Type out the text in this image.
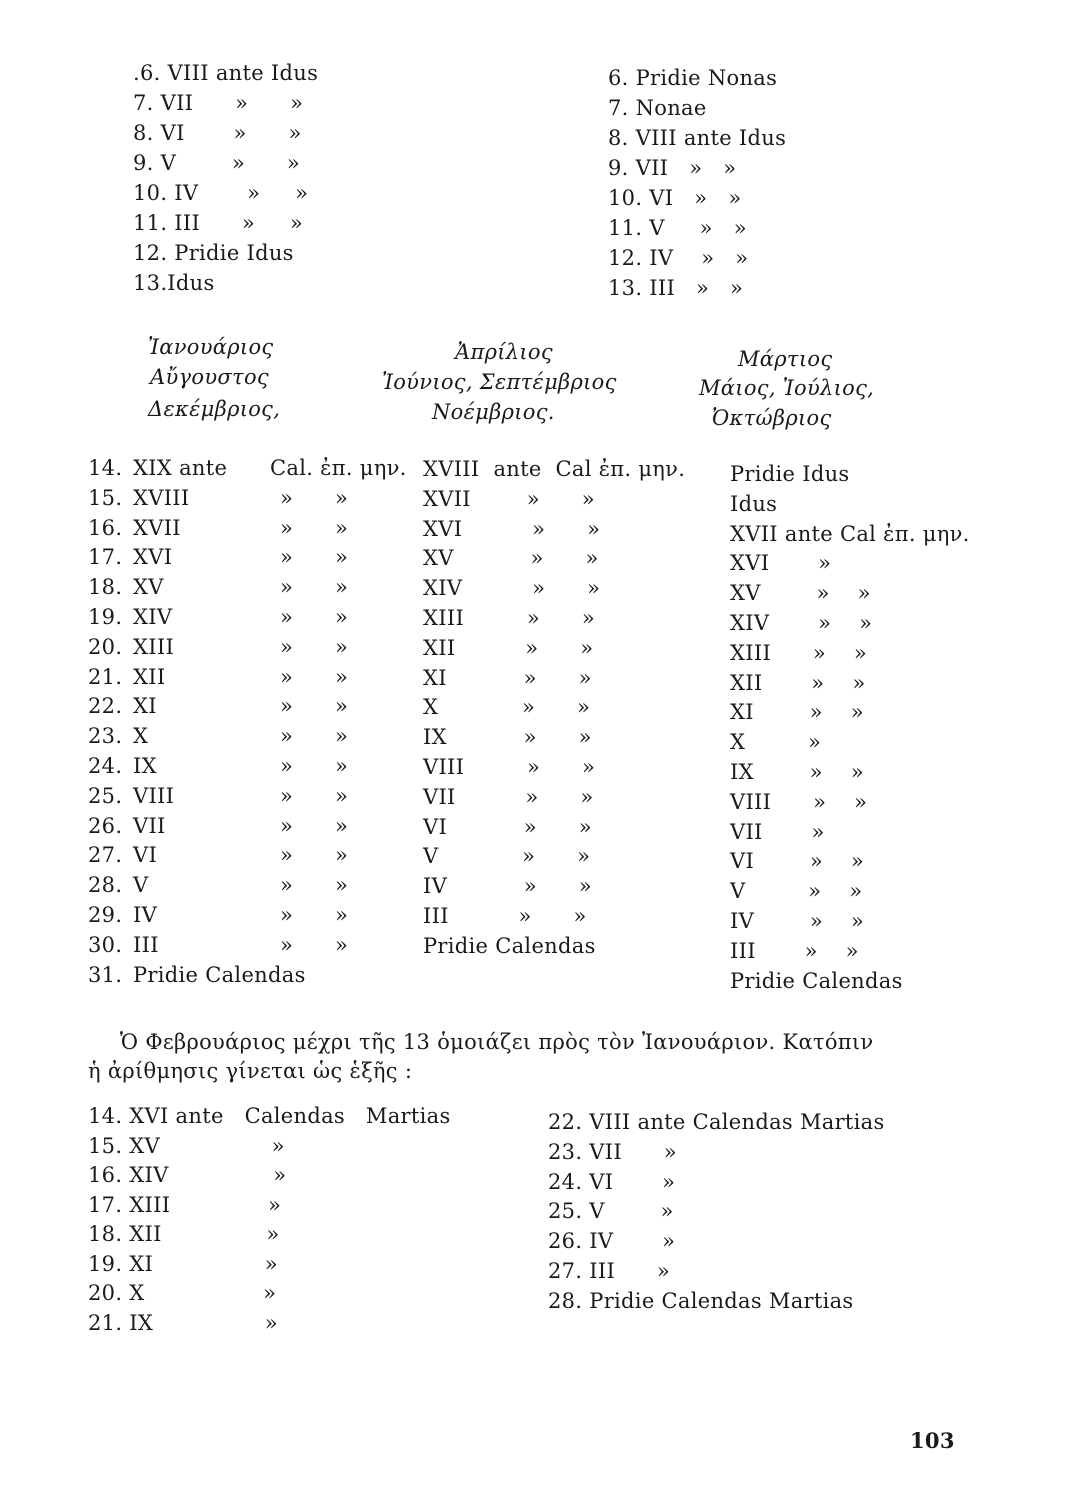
.6. VIII ante Idus
7. VII      »      »
8. VI       »      »
9. V        »      »
10. IV       »     »
11. III      »     »
12. Pridie Idus
13.Idus
6. Pridie Nonas
7. Nonae
8. VIII ante Idus
9. VII   »   »
10. VI   »   »
11. V     »   »
12. IV    »   »
13. III   »   »
Ἰανουάριος
Αὔγουστος
Δεκέμβριος,
Ἀπρίλιος
Ἰούνιος, Σεπτέμβριος
Νοέμβριος.
Μάρτιος
Μάιος, Ἰούλιος,
Ὀκτώβριος
14.
15.
16.
17.
18.
19.
20.
21.
22.
23.
24.
25.
26.
27.
28.
29.
30.
31.
XIX ante
XVIII
XVII
XVI
XV
XIV
XIII
XII
XI
X
IX
VIII
VII
VI
V
IV
III
Pridie Calendas
Cal. ἐπ. μην.
»      »
»      »
»      »
»      »
»      »
»      »
»      »
»      »
»      »
»      »
»      »
»      »
»      »
»      »
»      »
»      »
XVIII  ante  Cal ἐπ. μην.
XVII        »      »
XVI          »      »
XV           »      »
XIV          »      »
XIII         »      »
XII          »      »
XI           »      »
X            »      »
IX           »      »
VIII         »      »
VII          »      »
VI           »      »
V            »      »
IV           »      »
III          »      »
Pridie Calendas
Pridie Idus
Idus
XVII ante Cal ἐπ. μην.
XVI       »
XV        »    »
XIV       »    »
XIII      »    »
XII       »    »
XI        »    »
X         »
IX        »    »
VIII      »    »
VII       »
VI        »    »
V         »    »
IV        »    »
III       »    »
Pridie Calendas
Ὁ Φεβρουάριος μέχρι τῆς 13 ὁμοιάζει πρὸς τὸν Ἰανουάριον. Κατόπιν
ἡ ἀρίθμησις γίνεται ὡς ἑξῆς :
14. XVI ante   Calendas   Martias
15. XV                »
16. XIV               »
17. XIII              »
18. XII               »
19. XI                »
20. X                 »
21. IX                »
22. VIII ante Calendas Martias
23. VII      »
24. VI       »
25. V        »
26. IV       »
27. III      »
28. Pridie Calendas Martias
103
